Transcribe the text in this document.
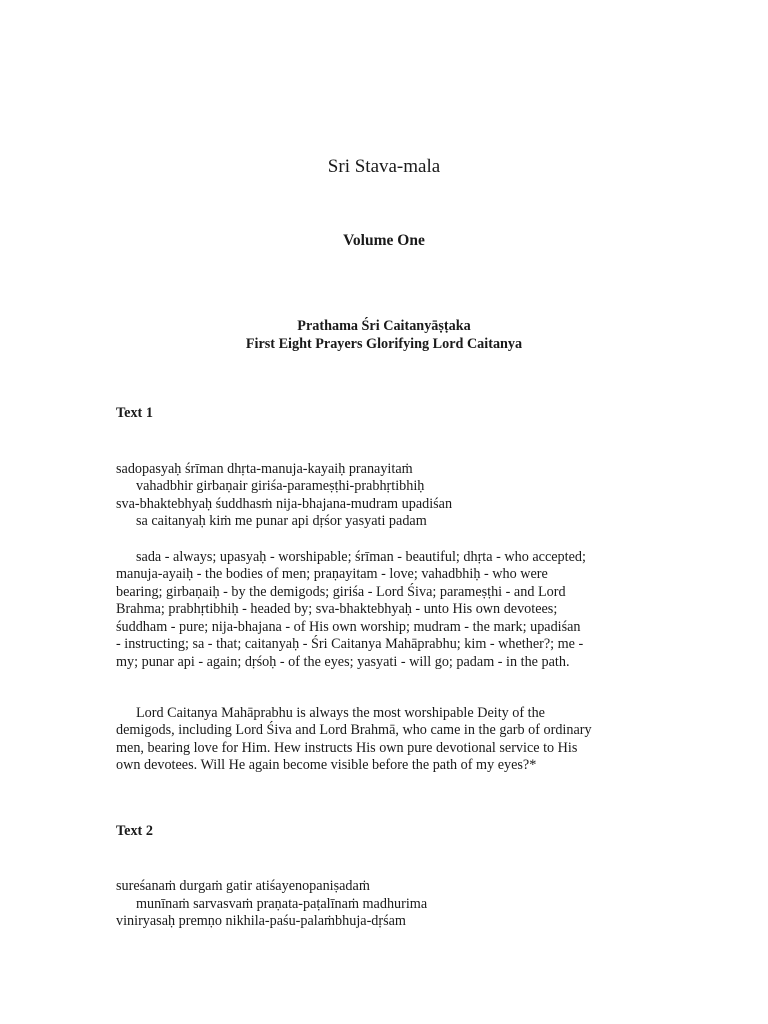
Sri Stava-mala
Volume One
Prathama Śri Caitanyāṣṭaka
First Eight Prayers Glorifying Lord Caitanya
Text 1
sadopasyaḥ śrīman dhṛta-manuja-kayaiḥ pranayitaṁ
vahadbhir girbaṇair giriśa-parameṣṭhi-prabhṛtibhiḥ
sva-bhaktebhyaḥ śuddhasṁ nija-bhajana-mudram upadiśan
sa caitanyaḥ kiṁ me punar api dṛśor yasyati padam
sada - always; upasyaḥ - worshipable; śrīman - beautiful; dhṛta - who accepted;
manuja-ayaiḥ - the bodies of men; praṇayitam - love; vahadbhiḥ - who were
bearing; girbaṇaiḥ - by the demigods; giriśa - Lord Śiva; parameṣṭhi - and Lord
Brahma; prabhṛtibhiḥ - headed by; sva-bhaktebhyaḥ - unto His own devotees;
śuddham - pure; nija-bhajana - of His own worship; mudram - the mark; upadiśan
- instructing; sa - that; caitanyaḥ - Śri Caitanya Mahāprabhu; kim - whether?; me -
my; punar api - again; dṛśoḥ - of the eyes; yasyati - will go; padam - in the path.
Lord Caitanya Mahāprabhu is always the most worshipable Deity of the
demigods, including Lord Śiva and Lord Brahmā, who came in the garb of ordinary
men, bearing love for Him. Hew instructs His own pure devotional service to His
own devotees. Will He again become visible before the path of my eyes?*
Text 2
sureśanaṁ durgaṁ gatir atiśayenopaniṣadaṁ
munīnaṁ sarvasvaṁ praṇata-paṭalīnaṁ madhurima
viniryasaḥ premṇo nikhila-paśu-palaṁbhuja-dṛśam
